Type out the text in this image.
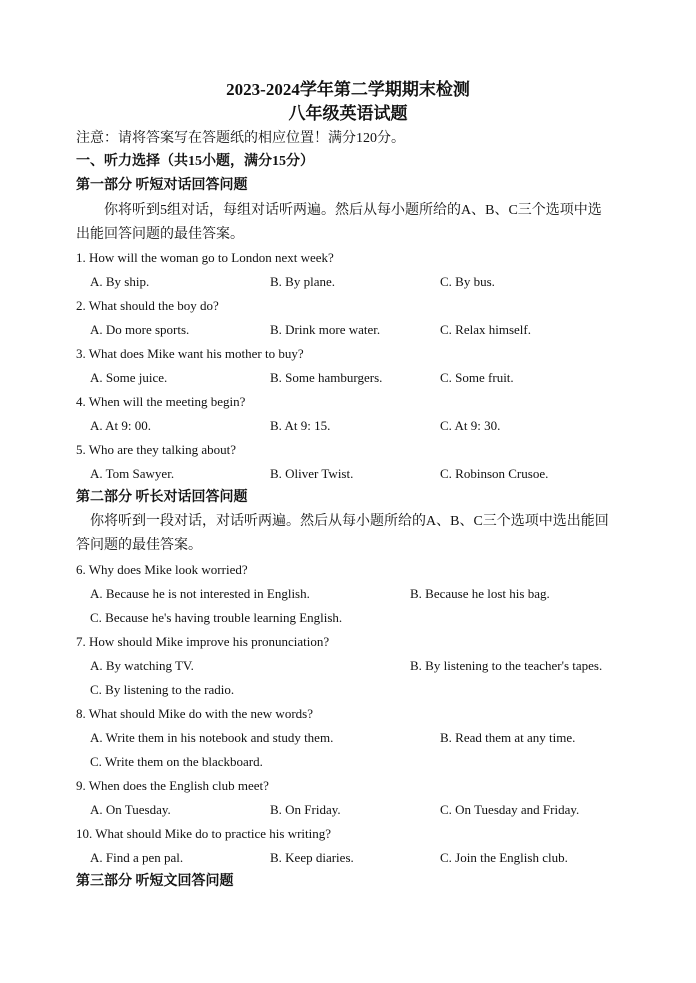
2023-2024学年第二学期期末检测
八年级英语试题
注意：请将答案写在答题纸的相应位置！满分120分。
一、听力选择（共15小题，满分15分）
第一部分 听短对话回答问题
你将听到5组对话，每组对话听两遍。然后从每小题所给的A、B、C三个选项中选
出能回答问题的最佳答案。
1. How will the woman go to London next week?
A. By ship.	B. By plane.	C. By bus.
2. What should the boy do?
A. Do more sports.	B. Drink more water.	C. Relax himself.
3. What does Mike want his mother to buy?
A. Some juice.	B. Some hamburgers.	C. Some fruit.
4. When will the meeting begin?
A. At 9: 00.	B. At 9: 15.	C. At 9: 30.
5. Who are they talking about?
A. Tom Sawyer.	B. Oliver Twist.	C. Robinson Crusoe.
第二部分 听长对话回答问题
你将听到一段对话，对话听两遍。然后从每小题所给的A、B、C三个选项中选出能回
答问题的最佳答案。
6. Why does Mike look worried?
A. Because he is not interested in English.	B. Because he lost his bag.
C. Because he's having trouble learning English.
7. How should Mike improve his pronunciation?
A. By watching TV.	B. By listening to the teacher's tapes.
C. By listening to the radio.
8. What should Mike do with the new words?
A. Write them in his notebook and study them.	B. Read them at any time.
C. Write them on the blackboard.
9. When does the English club meet?
A. On Tuesday.	B. On Friday.	C. On Tuesday and Friday.
10. What should Mike do to practice his writing?
A. Find a pen pal.	B. Keep diaries.	C. Join the English club.
第三部分 听短文回答问题
